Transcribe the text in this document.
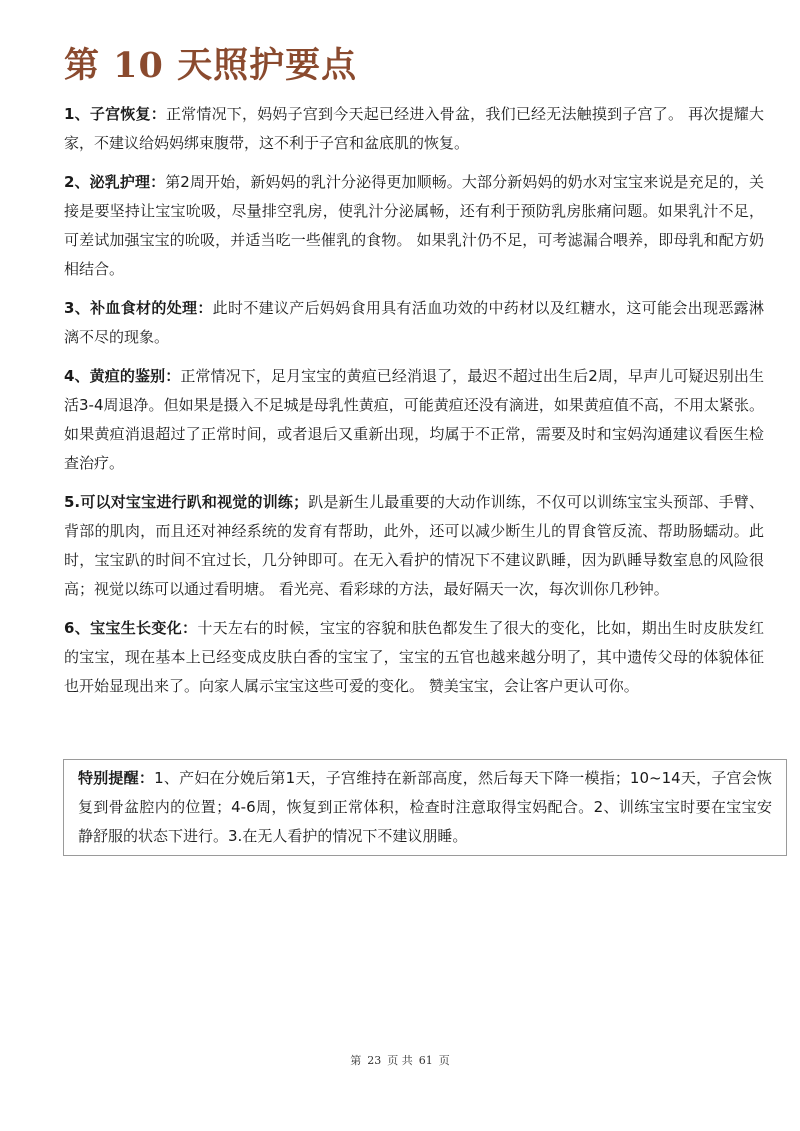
第 10 天照护要点

1、子宫恢复：正常情况下，妈妈子宫到今天起已经进入骨盆，我们已经无法触摸到子宫了。 再次提耀大家，不建议给妈妈绑束腹带，这不利于子宫和盆底肌的恢复。

2、泌乳护理：第2周开始，新妈妈的乳汁分泌得更加顺畅。大部分新妈妈的奶水对宝宝来说是充足的，关接是要坚持让宝宝吮吸，尽量排空乳房，使乳汁分泌属畅，还有利于预防乳房胀痛问题。如果乳汁不足，可差试加强宝宝的吮吸，并适当吃一些催乳的食物。 如果乳汁仍不足，可考滤漏合喂养，即母乳和配方奶相结合。

3、补血食材的处理：此时不建议产后妈妈食用具有活血功效的中药材以及红糖水，这可能会出现恶露淋漓不尽的现象。

4、黄疸的鉴别：正常情况下，足月宝宝的黄疸已经消退了，最迟不超过出生后2周，早声儿可疑迟别出生活3-4周退净。但如果是摄入不足城是母乳性黄疸，可能黄疸还没有滴进，如果黄疸值不高，不用太紧张。如果黄疸消退超过了正常时间，或者退后又重新出现，均属于不正常，需要及时和宝妈沟通建议看医生检查治疗。

5.可以对宝宝进行趴和视觉的训练；趴是新生儿最重要的大动作训练，不仅可以训练宝宝头预部、手臂、背部的肌肉，而且还对神经系统的发育有帮助，此外，还可以减少断生儿的胃食管反流、帮助肠蠕动。此时，宝宝趴的时间不宜过长，几分钟即可。在无入看护的情况下不建议趴睡，因为趴睡导数室息的风险很高；视觉以练可以通过看明塘。 看光亮、看彩球的方法，最好隔天一次，每次训你几秒钟。

6、宝宝生长变化：十天左右的时候，宝宝的容貌和肤色都发生了很大的变化，比如，期出生时皮肤发红的宝宝，现在基本上已经变成皮肤白香的宝宝了，宝宝的五官也越来越分明了，其中遗传父母的体貌体征也开始显现出来了。向家人属示宝宝这些可爱的变化。 赞美宝宝，会让客户更认可你。

特别提醒：1、产妇在分娩后第1天，子宫维持在新部高度，然后每天下降一模指；10~14天，子宫会恢复到骨盆腔内的位置；4-6周，恢复到正常体积，检查时注意取得宝妈配合。2、训练宝宝时要在宝宝安静舒服的状态下进行。3.在无人看护的情况下不建议朋睡。
第 23 页 共 61 页
